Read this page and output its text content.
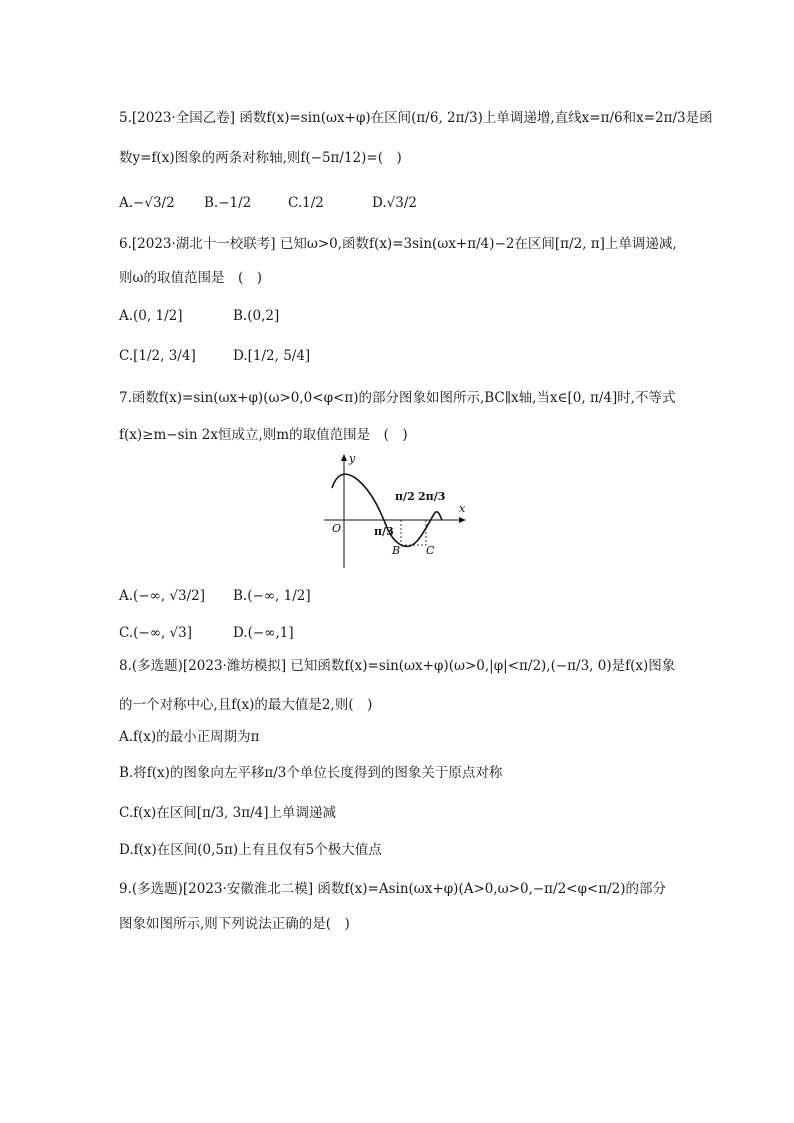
5.[2023·全国乙卷] 函数f(x)=sin(ωx+φ)在区间(π/6, 2π/3)上单调递增,直线x=π/6和x=2π/3是函
数y=f(x)图象的两条对称轴,则f(−5π/12)=(　)
A.−√3/2 B.−1/2	C.1/2	D.√3/2
6.[2023·湖北十一校联考] 已知ω>0,函数f(x)=3sin(ωx+π/4)−2在区间[π/2, π]上单调递减,
则ω的取值范围是　(　)
A.(0, 1/2]	B.(0,2]
C.[1/2, 3/4]	D.[1/2, 5/4]
7.函数f(x)=sin(ωx+φ)(ω>0,0<φ<π)的部分图象如图所示,BC∥x轴,当x∈[0, π/4]时,不等式
f(x)≥m−sin 2x恒成立,则m的取值范围是　(　)
y
x
O	π/3
π/2 2π/3
B C
A.(−∞, √3/2] B.(−∞, 1/2]
C.(−∞, √3]	D.(−∞,1]
8.(多选题)[2023·潍坊模拟] 已知函数f(x)=sin(ωx+φ)(ω>0,|φ|<π/2),(−π/3, 0)是f(x)图象
的一个对称中心,且f(x)的最大值是2,则(　)
A.f(x)的最小正周期为π
B.将f(x)的图象向左平移π/3个单位长度得到的图象关于原点对称
C.f(x)在区间[π/3, 3π/4]上单调递减
D.f(x)在区间(0,5π)上有且仅有5个极大值点
9.(多选题)[2023·安徽淮北二模] 函数f(x)=Asin(ωx+φ)(A>0,ω>0,−π/2<φ<π/2)的部分
图象如图所示,则下列说法正确的是(　)
